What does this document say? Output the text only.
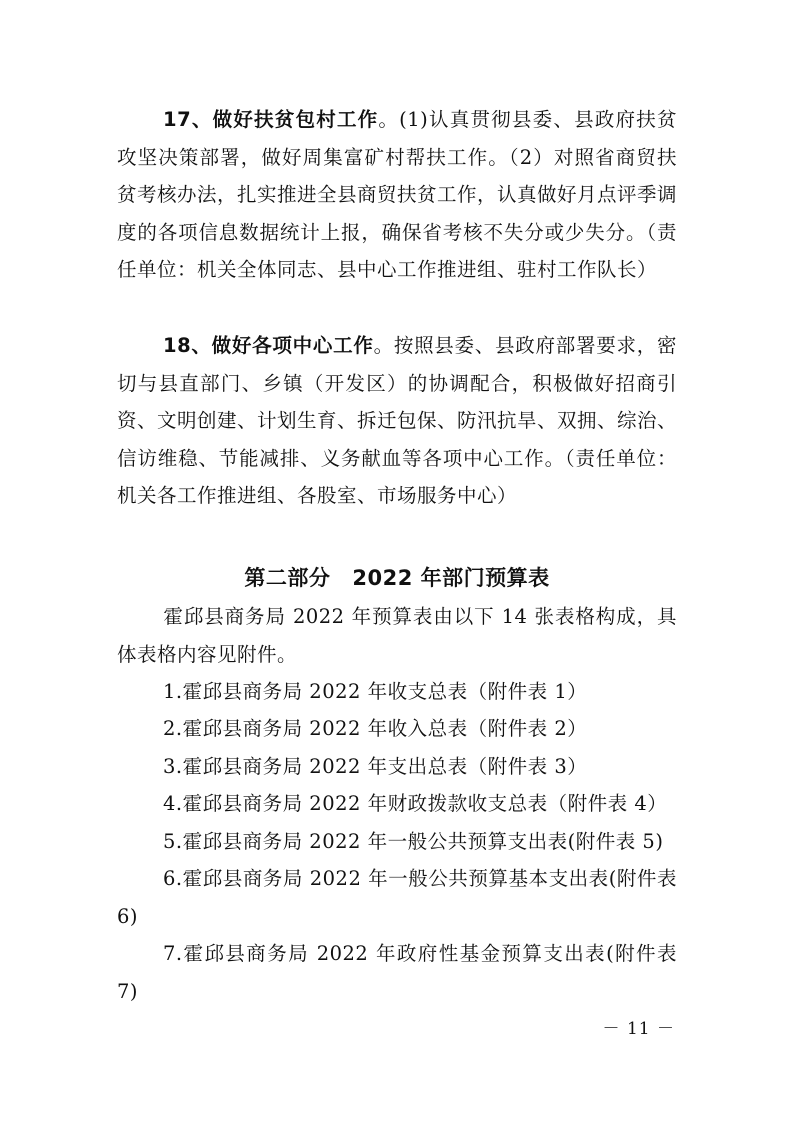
17、做好扶贫包村工作。(1)认真贯彻县委、县政府扶贫攻坚决策部署，做好周集富矿村帮扶工作。（2）对照省商贸扶贫考核办法，扎实推进全县商贸扶贫工作，认真做好月点评季调度的各项信息数据统计上报，确保省考核不失分或少失分。（责任单位：机关全体同志、县中心工作推进组、驻村工作队长）

18、做好各项中心工作。按照县委、县政府部署要求，密切与县直部门、乡镇（开发区）的协调配合，积极做好招商引资、文明创建、计划生育、拆迁包保、防汛抗旱、双拥、综治、信访维稳、节能减排、义务献血等各项中心工作。（责任单位：机关各工作推进组、各股室、市场服务中心）

第二部分 2022 年部门预算表

霍邱县商务局 2022 年预算表由以下 14 张表格构成，具体表格内容见附件。

1.霍邱县商务局 2022 年收支总表（附件表 1）

2.霍邱县商务局 2022 年收入总表（附件表 2）

3.霍邱县商务局 2022 年支出总表（附件表 3）

4.霍邱县商务局 2022 年财政拨款收支总表（附件表 4）

5.霍邱县商务局 2022 年一般公共预算支出表(附件表 5)

6.霍邱县商务局 2022 年一般公共预算基本支出表(附件表 6)

7.霍邱县商务局 2022 年政府性基金预算支出表(附件表 7)

－ 11 －
